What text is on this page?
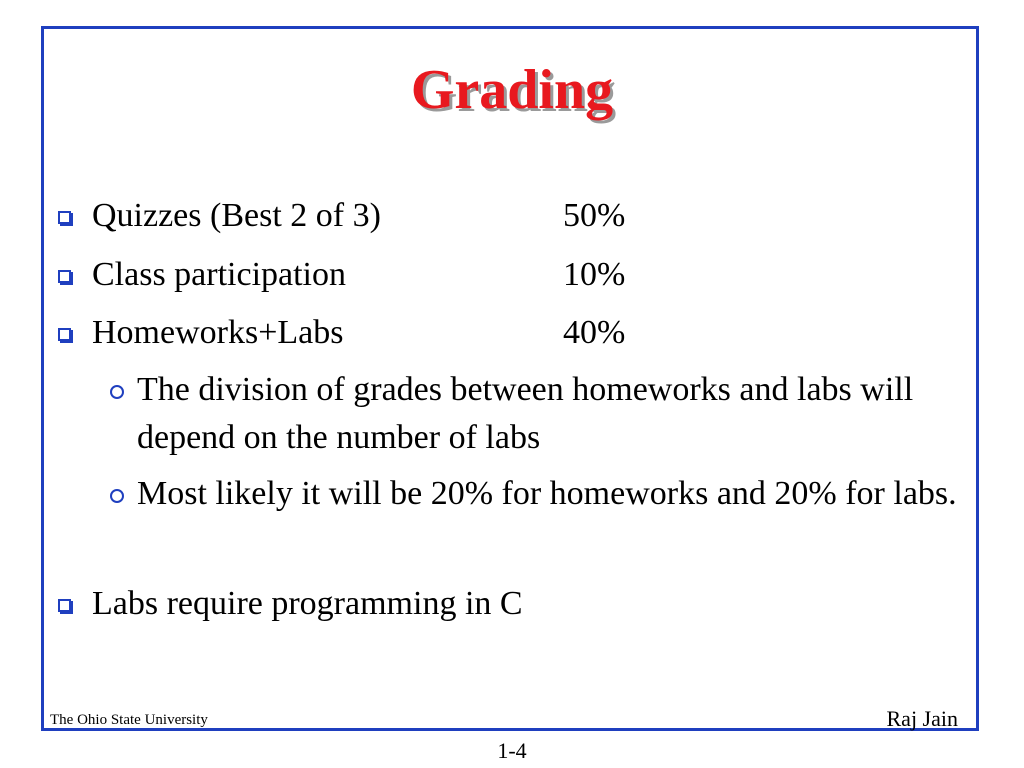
Grading
Quizzes (Best 2 of 3)	50%
Class participation	10%
Homeworks+Labs	40%
The division of grades between homeworks and labs will depend on the number of labs
Most likely it will be 20% for homeworks and 20% for labs.
Labs require programming in C
The Ohio State University	Raj Jain
1-4
